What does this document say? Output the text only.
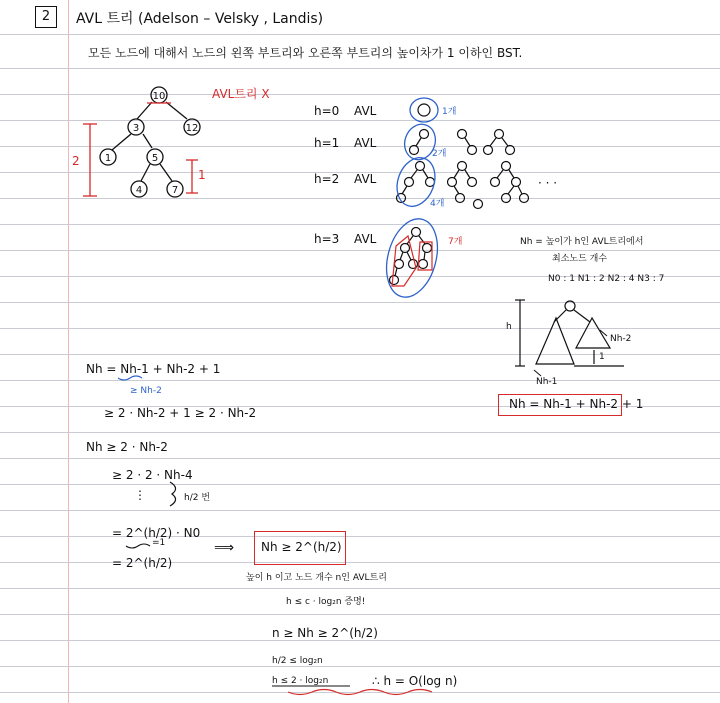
2	AVL 트리 (Adelson – Velsky , Landis)
모든 노드에 대해서 노드의 왼쪽 부트리와 오른쪽 부트리의 높이차가 1 이하인 BST.
10
3	12
1	5
4	7
AVL트리 X
2
1
h=0 AVL	1개
h=1 AVL
2개
h=2 AVL
4개
· · ·
h=3 AVL	7개	Nh = 높이가 h인 AVL트리에서
최소노드 개수
N0 : 1 N1 : 2 N2 : 4 N3 : 7
h
Nh-2
Nh-1
1
Nh = Nh-1 + Nh-2 + 1
Nh = Nh-1 + Nh-2 + 1
≥ Nh-2
≥ 2 · Nh-2 + 1 ≥ 2 · Nh-2
Nh ≥ 2 · Nh-2
≥ 2 · 2 · Nh-4
⋮	h/2 번
= 2^(h/2) · N0
=1
= 2^(h/2)
⟹ Nh ≥ 2^(h/2)
높이 h 이고 노드 개수 n인 AVL트리
h ≤ c · log₂n 증명!
n ≥ Nh ≥ 2^(h/2)
h/2 ≤ log₂n
h ≤ 2 · log₂n	∴ h = O(log n)
